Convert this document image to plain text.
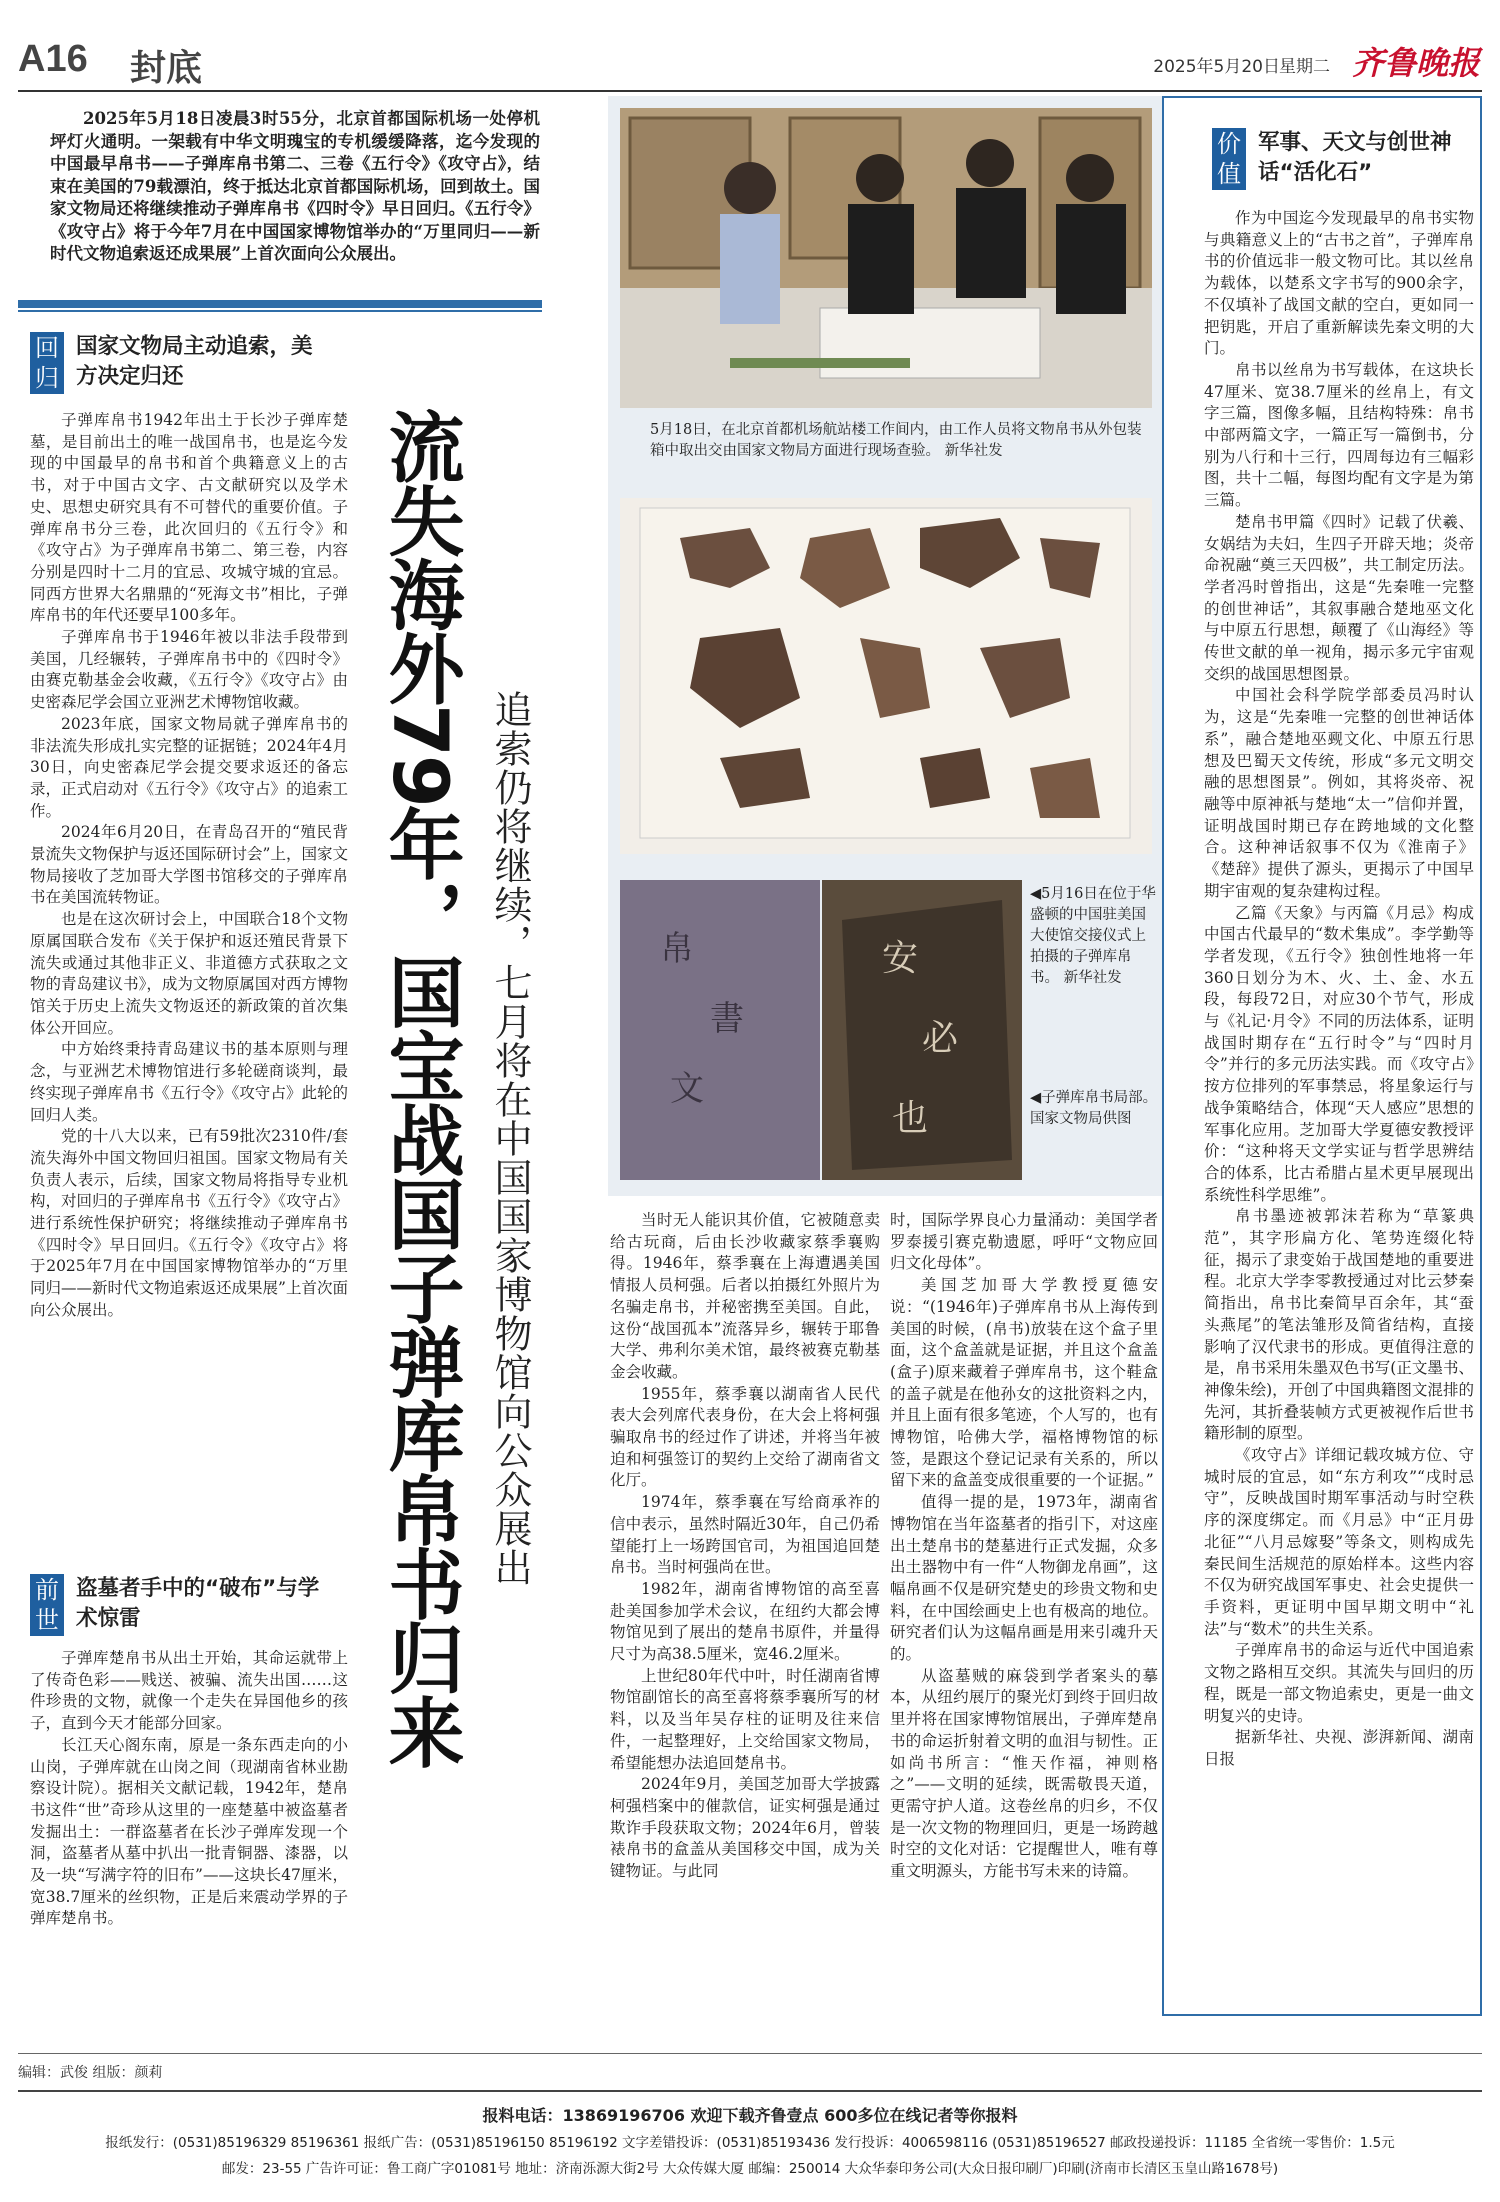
A16 封底	2025年5月20日 星期二 齐鲁晚报
2025年5月18日凌晨3时55分，北京首都国际机场一处停机坪灯火通明。一架载有中华文明瑰宝的专机缓缓降落，迄今发现的中国最早帛书——子弹库帛书第二、三卷《五行令》《攻守占》，结束在美国的79载漂泊，终于抵达北京首都国际机场，回到故土。国家文物局还将继续推动子弹库帛书《四时令》早日回归。《五行令》《攻守占》将于今年7月在中国国家博物馆举办的“万里同归——新时代文物追索返还成果展”上首次面向公众展出。
回归
国家文物局主动追索，美方决定归还

子弹库帛书1942年出土于长沙子弹库楚墓，是目前出土的唯一战国帛书，也是迄今发现的中国最早的帛书和首个典籍意义上的古书，对于中国古文字、古文献研究以及学术史、思想史研究具有不可替代的重要价值。子弹库帛书分三卷，此次回归的《五行令》和《攻守占》为子弹库帛书第二、第三卷，内容分别是四时十二月的宜忌、攻城守城的宜忌。同西方世界大名鼎鼎的“死海文书”相比，子弹库帛书的年代还要早100多年。

子弹库帛书于1946年被以非法手段带到美国，几经辗转，子弹库帛书中的《四时令》由赛克勒基金会收藏，《五行令》《攻守占》由史密森尼学会国立亚洲艺术博物馆收藏。

2023年底，国家文物局就子弹库帛书的非法流失形成扎实完整的证据链；2024年4月30日，向史密森尼学会提交要求返还的备忘录，正式启动对《五行令》《攻守占》的追索工作。

2024年6月20日，在青岛召开的“殖民背景流失文物保护与返还国际研讨会”上，国家文物局接收了芝加哥大学图书馆移交的子弹库帛书在美国流转物证。

也是在这次研讨会上，中国联合18个文物原属国联合发布《关于保护和返还殖民背景下流失或通过其他非正义、非道德方式获取之文物的青岛建议书》，成为文物原属国对西方博物馆关于历史上流失文物返还的新政策的首次集体公开回应。

中方始终秉持青岛建议书的基本原则与理念，与亚洲艺术博物馆进行多轮磋商谈判，最终实现子弹库帛书《五行令》《攻守占》此轮的回归人类。

党的十八大以来，已有59批次2310件/套流失海外中国文物回归祖国。国家文物局有关负责人表示，后续，国家文物局将指导专业机构，对回归的子弹库帛书《五行令》《攻守占》进行系统性保护研究；将继续推动子弹库帛书《四时令》早日回归。《五行令》《攻守占》将于2025年7月在中国国家博物馆举办的“万里同归——新时代文物追索返还成果展”上首次面向公众展出。

前世
盗墓者手中的“破布”与学术惊雷

子弹库楚帛书从出土开始，其命运就带上了传奇色彩——贱送、被骗、流失出国……这件珍贵的文物，就像一个走失在异国他乡的孩子，直到今天才能部分回家。

长江天心阁东南，原是一条东西走向的小山岗，子弹库就在山岗之间（现湖南省林业勘察设计院）。据相关文献记载，1942年，楚帛书这件“世”奇珍从这里的一座楚墓中被盗墓者发掘出土：一群盗墓者在长沙子弹库发现一个洞，盗墓者从墓中扒出一批青铜器、漆器，以及一块“写满字符的旧布”——这块长47厘米，宽38.7厘米的丝织物，正是后来震动学界的子弹库楚帛书。

流失海外79年，国宝战国子弹库帛书归来 追索仍将继续，七月将在中国国家博物馆向公众展出
5月18日，在北京首都机场航站楼工作间内，由工作人员将文物帛书从外包装箱中取出交由国家文物局方面进行现场查验。 新华社发
帛
書
文
安
必
也
◀5月16日在位于华盛顿的中国驻美国大使馆交接仪式上拍摄的子弹库帛书。 新华社发
◀子弹库帛书局部。国家文物局供图

当时无人能识其价值，它被随意卖给古玩商，后由长沙收藏家蔡季襄购得。1946年，蔡季襄在上海遭遇美国情报人员柯强。后者以拍摄红外照片为名骗走帛书，并秘密携至美国。自此，这份“战国孤本”流落异乡，辗转于耶鲁大学、弗利尔美术馆，最终被赛克勒基金会收藏。

1955年，蔡季襄以湖南省人民代表大会列席代表身份，在大会上将柯强骗取帛书的经过作了讲述，并将当年被迫和柯强签订的契约上交给了湖南省文化厅。

1974年，蔡季襄在写给商承祚的信中表示，虽然时隔近30年，自己仍希望能打上一场跨国官司，为祖国追回楚帛书。当时柯强尚在世。

1982年，湖南省博物馆的高至喜赴美国参加学术会议，在纽约大都会博物馆见到了展出的楚帛书原件，并量得尺寸为高38.5厘米，宽46.2厘米。

上世纪80年代中叶，时任湖南省博物馆副馆长的高至喜将蔡季襄所写的材料，以及当年吴存柱的证明及往来信件，一起整理好，上交给国家文物局，希望能想办法追回楚帛书。

2024年9月，美国芝加哥大学披露柯强档案中的催款信，证实柯强是通过欺诈手段获取文物；2024年6月，曾装裱帛书的盒盖从美国移交中国，成为关键物证。与此同

时，国际学界良心力量涌动：美国学者罗泰援引赛克勒遗愿，呼吁“文物应回归文化母体”。

美国芝加哥大学教授夏德安说：“(1946年)子弹库帛书从上海传到美国的时候，(帛书)放装在这个盒子里面，这个盒盖就是证据，并且这个盒盖(盒子)原来藏着子弹库帛书，这个鞋盒的盖子就是在他孙女的这批资料之内，并且上面有很多笔迹，个人写的，也有博物馆，哈佛大学，福格博物馆的标签，是跟这个登记记录有关系的，所以留下来的盒盖变成很重要的一个证据。”

值得一提的是，1973年，湖南省博物馆在当年盗墓者的指引下，对这座出土楚帛书的楚墓进行正式发掘，众多出土器物中有一件“人物御龙帛画”，这幅帛画不仅是研究楚史的珍贵文物和史料，在中国绘画史上也有极高的地位。研究者们认为这幅帛画是用来引魂升天的。

从盗墓贼的麻袋到学者案头的摹本，从纽约展厅的聚光灯到终于回归故里并将在国家博物馆展出，子弹库楚帛书的命运折射着文明的血泪与韧性。正如尚书所言：“惟天作福，神则格之”——文明的延续，既需敬畏天道，更需守护人道。这卷丝帛的归乡，不仅是一次文物的物理回归，更是一场跨越时空的文化对话：它提醒世人，唯有尊重文明源头，方能书写未来的诗篇。

价值
军事、天文与创世神话“活化石”

作为中国迄今发现最早的帛书实物与典籍意义上的“古书之首”，子弹库帛书的价值远非一般文物可比。其以丝帛为载体，以楚系文字书写的900余字，不仅填补了战国文献的空白，更如同一把钥匙，开启了重新解读先秦文明的大门。

帛书以丝帛为书写载体，在这块长47厘米、宽38.7厘米的丝帛上，有文字三篇，图像多幅，且结构特殊：帛书中部两篇文字，一篇正写一篇倒书，分别为八行和十三行，四周每边有三幅彩图，共十二幅，每图均配有文字是为第三篇。

楚帛书甲篇《四时》记载了伏羲、女娲结为夫妇，生四子开辟天地；炎帝命祝融“奠三天四极”，共工制定历法。学者冯时曾指出，这是“先秦唯一完整的创世神话”，其叙事融合楚地巫文化与中原五行思想，颠覆了《山海经》等传世文献的单一视角，揭示多元宇宙观交织的战国思想图景。

中国社会科学院学部委员冯时认为，这是“先秦唯一完整的创世神话体系”，融合楚地巫觋文化、中原五行思想及巴蜀天文传统，形成“多元文明交融的思想图景”。例如，其将炎帝、祝融等中原神祇与楚地“太一”信仰并置，证明战国时期已存在跨地域的文化整合。这种神话叙事不仅为《淮南子》《楚辞》提供了源头，更揭示了中国早期宇宙观的复杂建构过程。

乙篇《天象》与丙篇《月忌》构成中国古代最早的“数术集成”。李学勤等学者发现，《五行令》独创性地将一年360日划分为木、火、土、金、水五段，每段72日，对应30个节气，形成与《礼记·月令》不同的历法体系，证明战国时期存在“五行时令”与“四时月令”并行的多元历法实践。而《攻守占》按方位排列的军事禁忌，将星象运行与战争策略结合，体现“天人感应”思想的军事化应用。芝加哥大学夏德安教授评价：“这种将天文学实证与哲学思辨结合的体系，比古希腊占星术更早展现出系统性科学思维”。

帛书墨迹被郭沫若称为“草篆典范”，其字形扁方化、笔势连缀化特征，揭示了隶变始于战国楚地的重要进程。北京大学李零教授通过对比云梦秦简指出，帛书比秦简早百余年，其“蚕头燕尾”的笔法雏形及简省结构，直接影响了汉代隶书的形成。更值得注意的是，帛书采用朱墨双色书写(正文墨书、神像朱绘)，开创了中国典籍图文混排的先河，其折叠装帧方式更被视作后世书籍形制的原型。

《攻守占》详细记载攻城方位、守城时辰的宜忌，如“东方利攻”“戌时忌守”，反映战国时期军事活动与时空秩序的深度绑定。而《月忌》中“正月毋北征”“八月忌嫁娶”等条文，则构成先秦民间生活规范的原始样本。这些内容不仅为研究战国军事史、社会史提供一手资料，更证明中国早期文明中“礼法”与“数术”的共生关系。

子弹库帛书的命运与近代中国追索文物之路相互交织。其流失与回归的历程，既是一部文物追索史，更是一曲文明复兴的史诗。

据新华社、央视、澎湃新闻、湖南日报

编辑：武俊 组版：颜莉
报料电话：13869196706 欢迎下载齐鲁壹点 600多位在线记者等你报料
报纸发行：(0531)85196329 85196361 报纸广告：(0531)85196150 85196192 文字差错投诉：(0531)85193436 发行投诉：4006598116 (0531)85196527 邮政投递投诉：11185 全省统一零售价：1.5元
邮发：23-55 广告许可证：鲁工商广字01081号 地址：济南泺源大街2号 大众传媒大厦 邮编：250014 大众华泰印务公司(大众日报印刷厂)印刷(济南市长清区玉皇山路1678号)
